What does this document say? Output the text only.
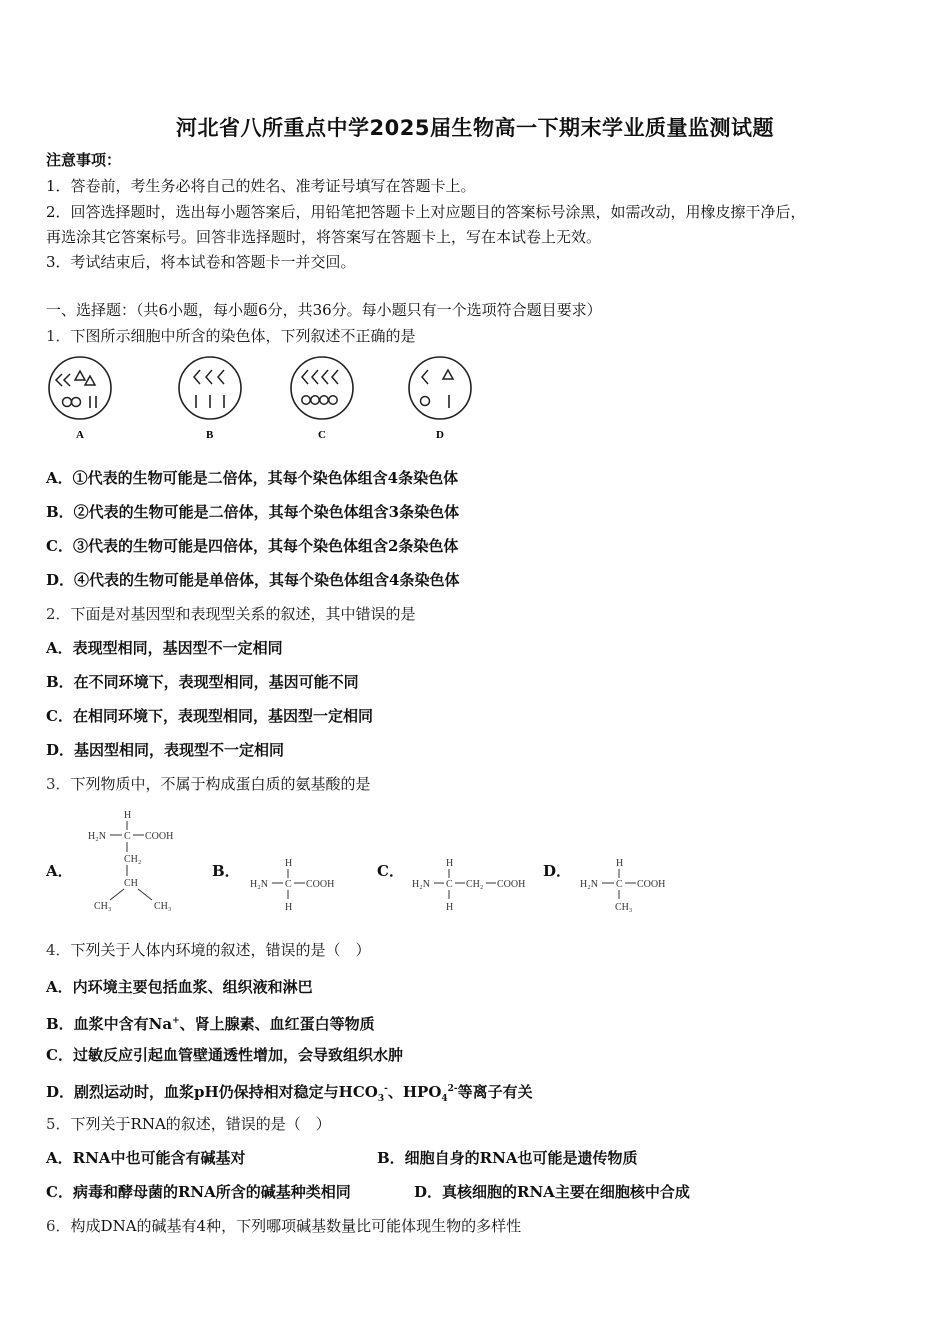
河北省八所重点中学2025届生物高一下期末学业质量监测试题
注意事项：
1．答卷前，考生务必将自己的姓名、准考证号填写在答题卡上。
2．回答选择题时，选出每小题答案后，用铅笔把答题卡上对应题目的答案标号涂黑，如需改动，用橡皮擦干净后，
再选涂其它答案标号。回答非选择题时，将答案写在答题卡上，写在本试卷上无效。
3．考试结束后，将本试卷和答题卡一并交回。
一、选择题：（共6小题，每小题6分，共36分。每小题只有一个选项符合题目要求）
1．下图所示细胞中所含的染色体，下列叙述不正确的是
A	B	C	D
A．①代表的生物可能是二倍体，其每个染色体组含4条染色体
B．②代表的生物可能是二倍体，其每个染色体组含3条染色体
C．③代表的生物可能是四倍体，其每个染色体组含2条染色体
D．④代表的生物可能是单倍体，其每个染色体组含4条染色体
2．下面是对基因型和表现型关系的叙述，其中错误的是
A．表现型相同，基因型不一定相同
B．在不同环境下，表现型相同，基因可能不同
C．在相同环境下，表现型相同，基因型一定相同
D．基因型相同，表现型不一定相同
3．下列物质中，不属于构成蛋白质的氨基酸的是
A．	B．	C．	D．
H
H₂N C COOH
CH₂
CH
CH₃	CH₃
H
H₂N C COOH
H
H
H₂N C CH₂ COOH
H
H
H₂N C COOH
CH₃
4．下列关于人体内环境的叙述，错误的是（　）
A．内环境主要包括血浆、组织液和淋巴
B．血浆中含有Na+、肾上腺素、血红蛋白等物质
C．过敏反应引起血管壁通透性增加，会导致组织水肿
D．剧烈运动时，血浆pH仍保持相对稳定与$HCO_3^-$、$HPO_4^{2-}$等离子有关
5．下列关于RNA的叙述，错误的是（　）
A．RNA中也可能含有碱基对	B．细胞自身的RNA也可能是遗传物质
C．病毒和酵母菌的RNA所含的碱基种类相同	D．真核细胞的RNA主要在细胞核中合成
6．构成DNA的碱基有4种，下列哪项碱基数量比可能体现生物的多样性
